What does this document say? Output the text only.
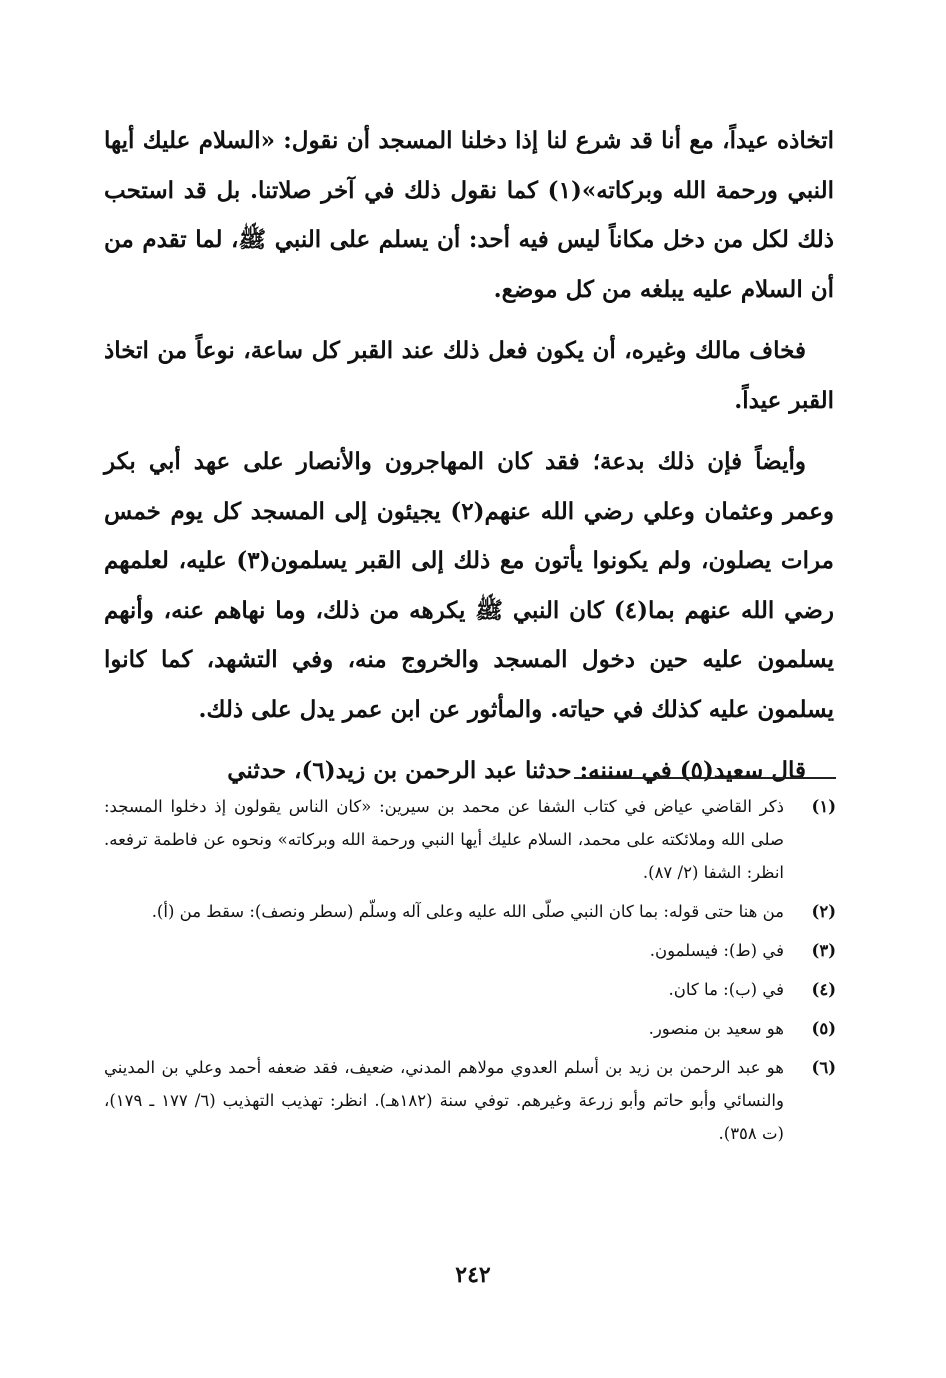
اتخاذه عيداً، مع أنا قد شرع لنا إذا دخلنا المسجد أن نقول: «السلام عليك أيها النبي ورحمة الله وبركاته»(١) كما نقول ذلك في آخر صلاتنا. بل قد استحب ذلك لكل من دخل مكاناً ليس فيه أحد: أن يسلم على النبي ﷺ، لما تقدم من أن السلام عليه يبلغه من كل موضع.

فخاف مالك وغيره، أن يكون فعل ذلك عند القبر كل ساعة، نوعاً من اتخاذ القبر عيداً.

وأيضاً فإن ذلك بدعة؛ فقد كان المهاجرون والأنصار على عهد أبي بكر وعمر وعثمان وعلي رضي الله عنهم(٢) يجيئون إلى المسجد كل يوم خمس مرات يصلون، ولم يكونوا يأتون مع ذلك إلى القبر يسلمون(٣) عليه، لعلمهم رضي الله عنهم بما(٤) كان النبي ﷺ يكرهه من ذلك، وما نهاهم عنه، وأنهم يسلمون عليه حين دخول المسجد والخروج منه، وفي التشهد، كما كانوا يسلمون عليه كذلك في حياته. والمأثور عن ابن عمر يدل على ذلك.

قال سعيد(٥) في سننه: حدثنا عبد الرحمن بن زيد(٦)، حدثني

(١)
ذكر القاضي عياض في كتاب الشفا عن محمد بن سيرين: «كان الناس يقولون إذ دخلوا المسجد: صلى الله وملائكته على محمد، السلام عليك أيها النبي ورحمة الله وبركاته» ونحوه عن فاطمة ترفعه. انظر: الشفا (٢/ ٨٧).
(٢)
من هنا حتى قوله: بما كان النبي صلّى الله عليه وعلى آله وسلّم (سطر ونصف): سقط من (أ).
(٣)
في (ط): فيسلمون.
(٤)
في (ب): ما كان.
(٥)
هو سعيد بن منصور.
(٦)
هو عبد الرحمن بن زيد بن أسلم العدوي مولاهم المدني، ضعيف، فقد ضعفه أحمد وعلي بن المديني والنسائي وأبو حاتم وأبو زرعة وغيرهم. توفي سنة (١٨٢هـ). انظر: تهذيب التهذيب (٦/ ١٧٧ ـ ١٧٩)، (ت ٣٥٨).
٢٤٢
